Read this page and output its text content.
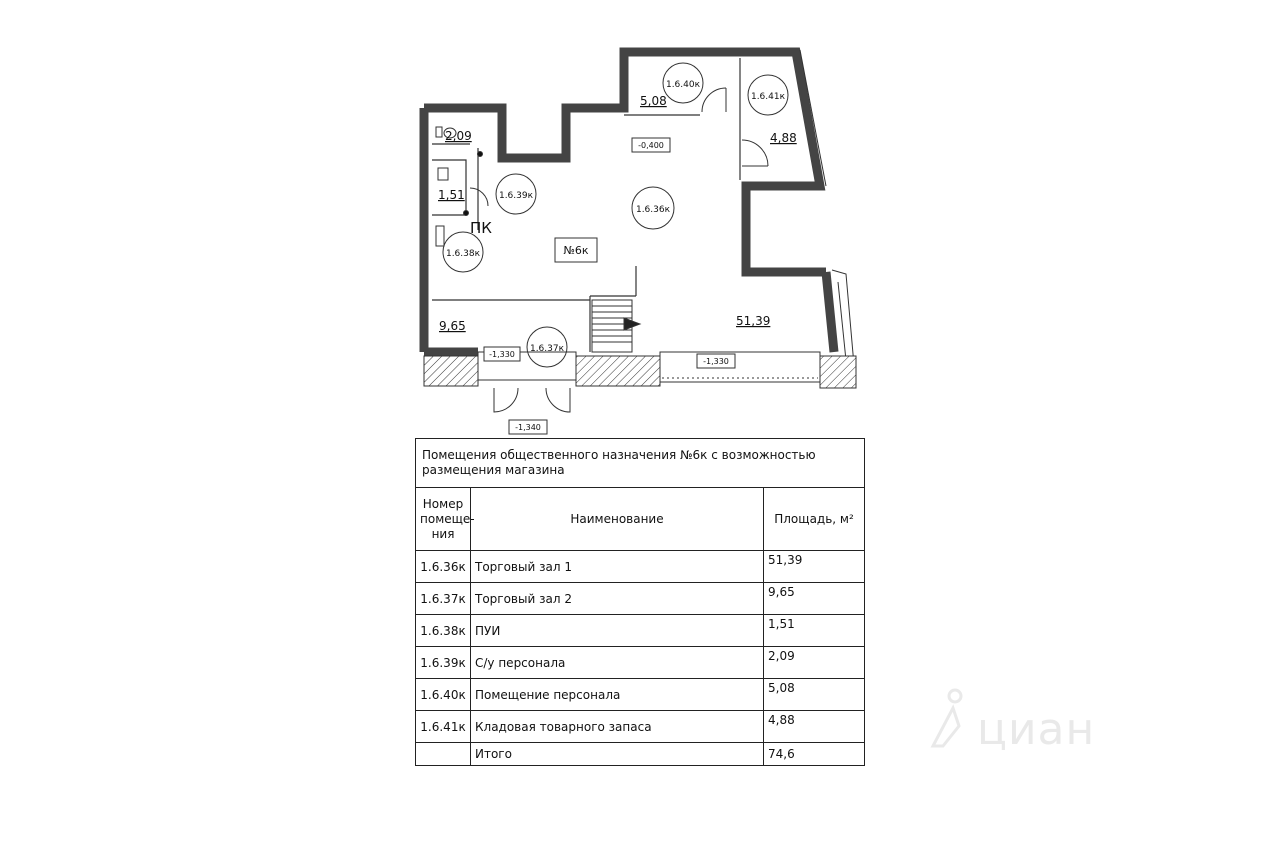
1.6.39к
1.6.36к
1.6.38к
1.6.37к
1.6.40к
1.6.41к
51,39
9,65
1,51
2,09
5,08
4,88
№6к
ПК
-0,400
-1,330
-1,330
-1,340
Помещения общественного назначения №6к с возможностью размещения магазина		
Номер помеще- ния	Наименование	Площадь, м²
1.6.36к	Торговый зал 1	51,39
1.6.37к	Торговый зал 2	9,65
1.6.38к	ПУИ	1,51
1.6.39к	С/у персонала	2,09
1.6.40к	Помещение персонала	5,08
1.6.41к	Кладовая товарного запаса	4,88
	Итого	74,6	циан
